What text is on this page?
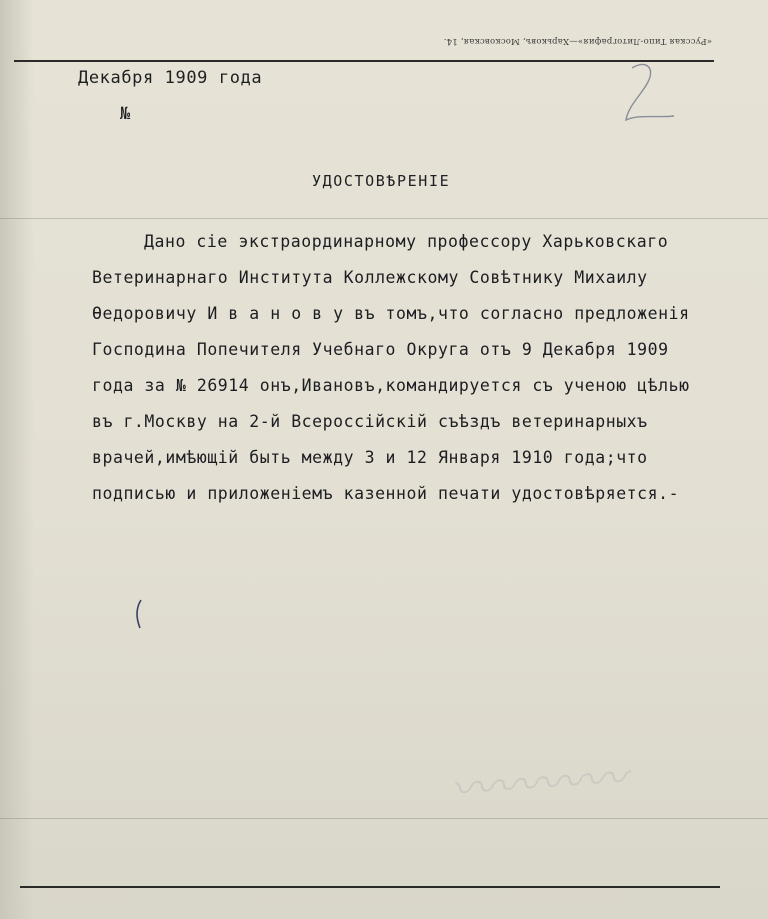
«Русская Типо-Литография»—Харьковъ, Московская, 14.
Декабря 1909 года
№
УДОСТОВѢРЕНІЕ
Дано сіе экстраординарному профессору Харьковскаго
Ветеринарнаго Института Коллежскому Совѣтнику Михаилу
Ѳедоровичу И в а н о в у въ томъ,что согласно предложенія
Господина Попечителя Учебнаго Округа отъ 9 Декабря 1909
года за № 26914 онъ,Ивановъ,командируется съ ученою цѣлью
въ г.Москву на 2-й Всероссійскій съѣздъ ветеринарныхъ
врачей,имѣющій быть между 3 и 12 Января 1910 года;что
подписью и приложеніемъ казенной печати удостовѣряется.-
〰〰〰〰
